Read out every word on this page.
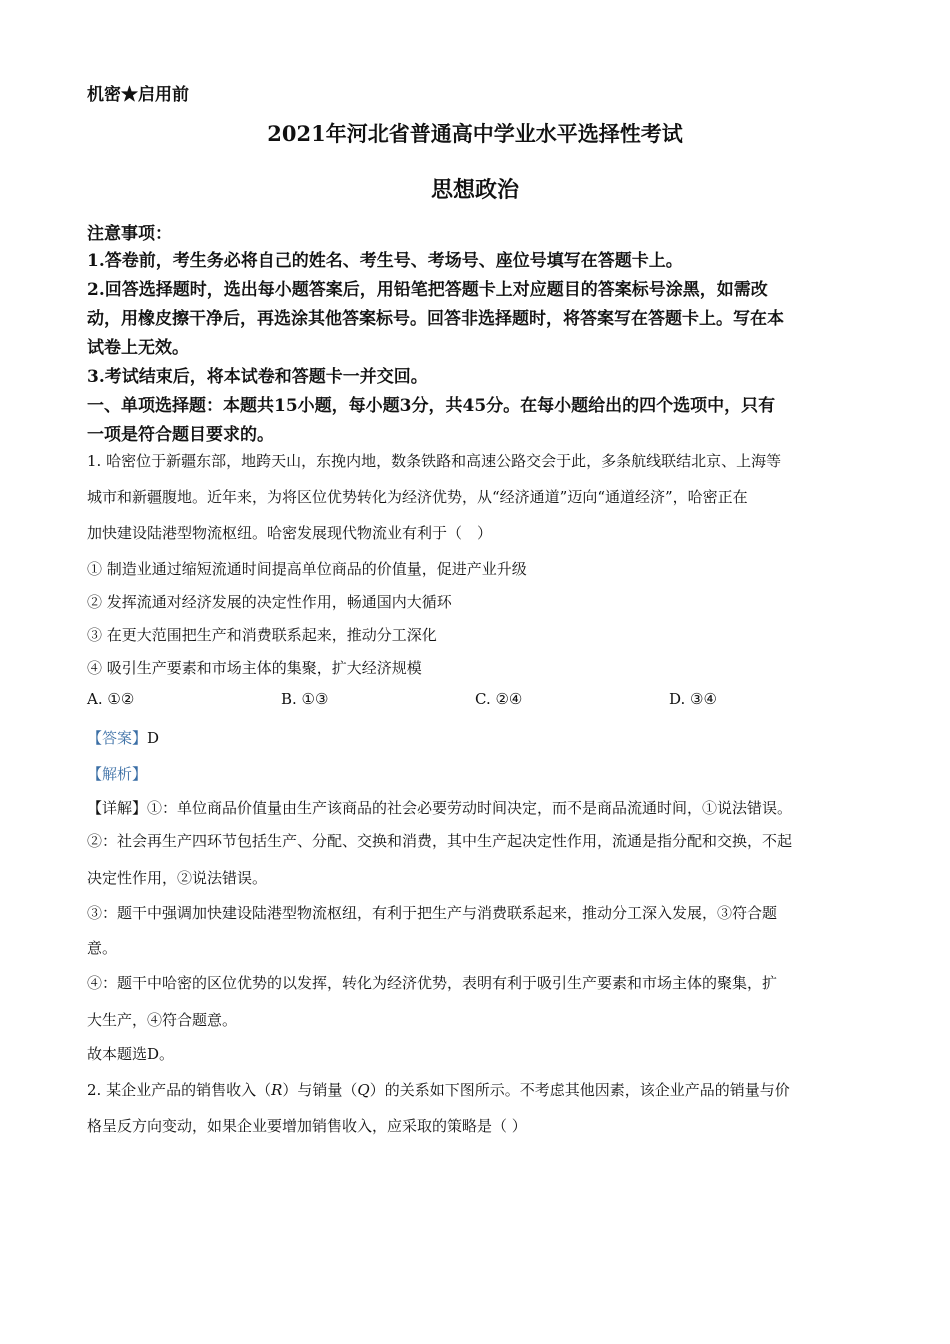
机密★启用前
2021年河北省普通高中学业水平选择性考试
思想政治
注意事项：
1.答卷前，考生务必将自己的姓名、考生号、考场号、座位号填写在答题卡上。
2.回答选择题时，选出每小题答案后，用铅笔把答题卡上对应题目的答案标号涂黑，如需改
动，用橡皮擦干净后，再选涂其他答案标号。回答非选择题时，将答案写在答题卡上。写在本
试卷上无效。
3.考试结束后，将本试卷和答题卡一并交回。
一、单项选择题：本题共15小题，每小题3分，共45分。在每小题给出的四个选项中，只有
一项是符合题目要求的。
1. 哈密位于新疆东部，地跨天山，东挽内地，数条铁路和高速公路交会于此，多条航线联结北京、上海等
城市和新疆腹地。近年来，为将区位优势转化为经济优势，从“经济通道”迈向“通道经济”，哈密正在
加快建设陆港型物流枢纽。哈密发展现代物流业有利于（　）
① 制造业通过缩短流通时间提高单位商品的价值量，促进产业升级
② 发挥流通对经济发展的决定性作用，畅通国内大循环
③ 在更大范围把生产和消费联系起来，推动分工深化
④ 吸引生产要素和市场主体的集聚，扩大经济规模
A. ①②	B. ①③	C. ②④	D. ③④
【答案】D
【解析】
【详解】①：单位商品价值量由生产该商品的社会必要劳动时间决定，而不是商品流通时间，①说法错误。
②：社会再生产四环节包括生产、分配、交换和消费，其中生产起决定性作用，流通是指分配和交换，不起
决定性作用，②说法错误。
③：题干中强调加快建设陆港型物流枢纽，有利于把生产与消费联系起来，推动分工深入发展，③符合题
意。
④：题干中哈密的区位优势的以发挥，转化为经济优势，表明有利于吸引生产要素和市场主体的聚集，扩
大生产，④符合题意。
故本题选D。
2. 某企业产品的销售收入（R）与销量（Q）的关系如下图所示。不考虑其他因素，该企业产品的销量与价
格呈反方向变动，如果企业要增加销售收入，应采取的策略是（ ）
